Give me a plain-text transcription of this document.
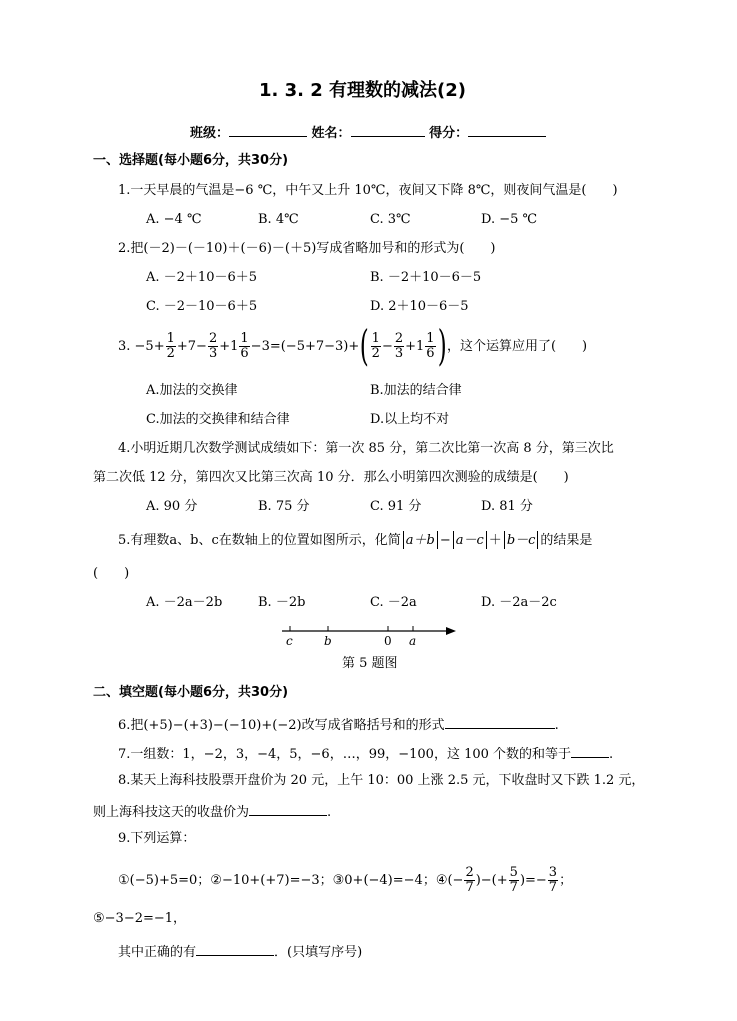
1. 3. 2 有理数的减法(2)
班级：	姓名：	得分：
一、选择题(每小题6分，共30分)
1.一天早晨的气温是−6 ℃，中午又上升 10℃，夜间又下降 8℃，则夜间气温是(　　)
A. −4 ℃	B. 4℃	C. 3℃	D. −5 ℃
2.把(－2)－(－10)＋(－6)－(＋5)写成省略加号和的形式为(　　)
A. －2＋10－6＋5	B. －2＋10－6－5
C. －2－10－6＋5	D. 2＋10－6－5
3. $-5+ \frac{1}{2} +7- \frac{2}{3} +1 \frac{1}{6} -3=(-5+7-3)+$ ( $\frac{1}{2} - \frac{2}{3} +1 \frac{1}{6}$ ) ，这个运算应用了(　　)
A.加法的交换律	B.加法的结合律
C.加法的交换律和结合律	D.以上均不对
4.小明近期几次数学测试成绩如下：第一次 85 分，第二次比第一次高 8 分，第三次比
第二次低 12 分，第四次又比第三次高 10 分．那么小明第四次测验的成绩是(　　)
A. 90 分	B. 75 分	C. 91 分	D. 81 分
5.有理数a、b、c在数轴上的位置如图所示，化简 a＋b − a－c ＋ b－c 的结果是
(　　)
A. －2a－2b	B. －2b	C. －2a	D. －2a－2c
c	b	0 a
第 5 题图
二、填空题(每小题6分，共30分)
6.把(+5)−(+3)−(−10)+(−2)改写成省略括号和的形式	.
7.一组数：1，−2，3，−4，5，−6，…，99，−100，这 100 个数的和等于	.
8.某天上海科技股票开盘价为 20 元，上午 10：00 上涨 2.5 元，下收盘时又下跌 1.2 元，
则上海科技这天的收盘价为	.
9.下列运算：
①(−5)+5=0；②−10+(+7)=−3；③0+(−4)=−4；④(− $\frac{2}{7}$ )−(+ $\frac{5}{7}$ )=− $\frac{3}{7}$ ；
⑤−3−2=−1，
其中正确的有	．(只填写序号)
